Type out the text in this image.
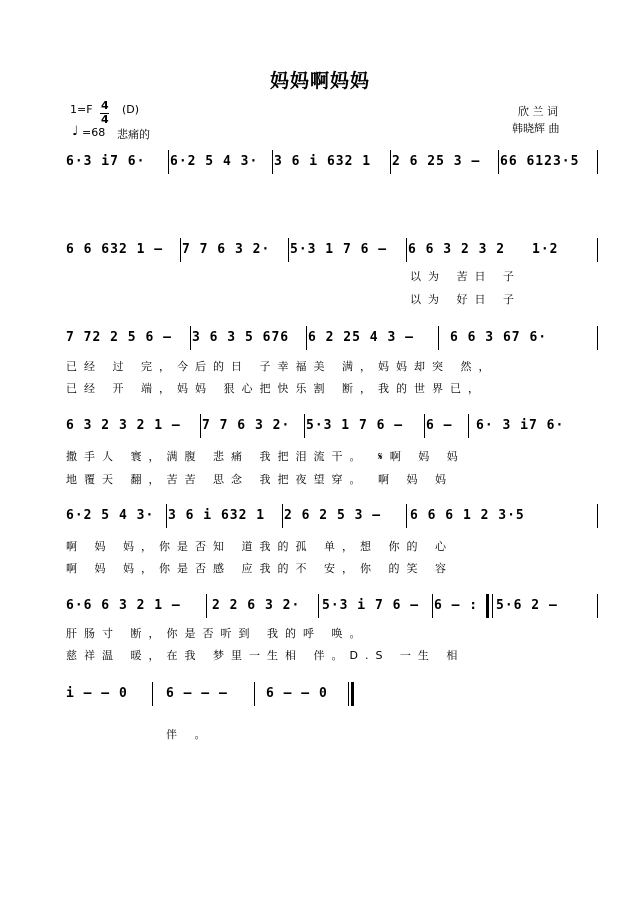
妈妈啊妈妈
1=F 4
4
(D)
♩ =68 悲痛的
欣 兰 词
韩晓辉 曲
6·3 i7 6·	6·2 5 4 3·	3 6 i 632 1	2 6 25 3 –	66 6123·5
6 6 632 1 –	7 7 6 3 2·	5·3 1 7 6 –	6 6 3 2 3 2	1·2
以为 苦日 子
以为 好日 子
7 72 2 5 6 –	3 6 3 5 676	6 2 25 4 3 –	6 6 3 67 6·
已经 过 完，今后的日 子幸福美 满，妈妈却突 然，
已经 开 端，妈妈 狠心把快乐割 断，我的世界已，
6 3 2 3 2 1 –	7 7 6 3 2·	5·3 1 7 6 –	6 –	6· 3 i7 6·
撒手人 寰，满腹 悲痛 我把泪流干。 𝄋啊 妈 妈
地覆天 翻，苦苦 思念 我把夜望穿。 啊 妈 妈
6·2 5 4 3·	3 6 i 632 1	2 6 2 5 3 –	6 6 6 1 2 3·5
啊 妈 妈，你是否知 道我的孤 单，想 你的 心
啊 妈 妈，你是否感 应我的不 安，你 的笑 容
6·6 6 3 2 1 –	2 2 6 3 2·	5·3 i 7 6 –	6 – :	5·6 2 –
肝肠寸 断，你是否听到 我的呼 唤。
慈祥温 暖，在我 梦里一生相 伴。D.S 一生 相
i – – 0	6 – – –	6 – – 0
伴 。
